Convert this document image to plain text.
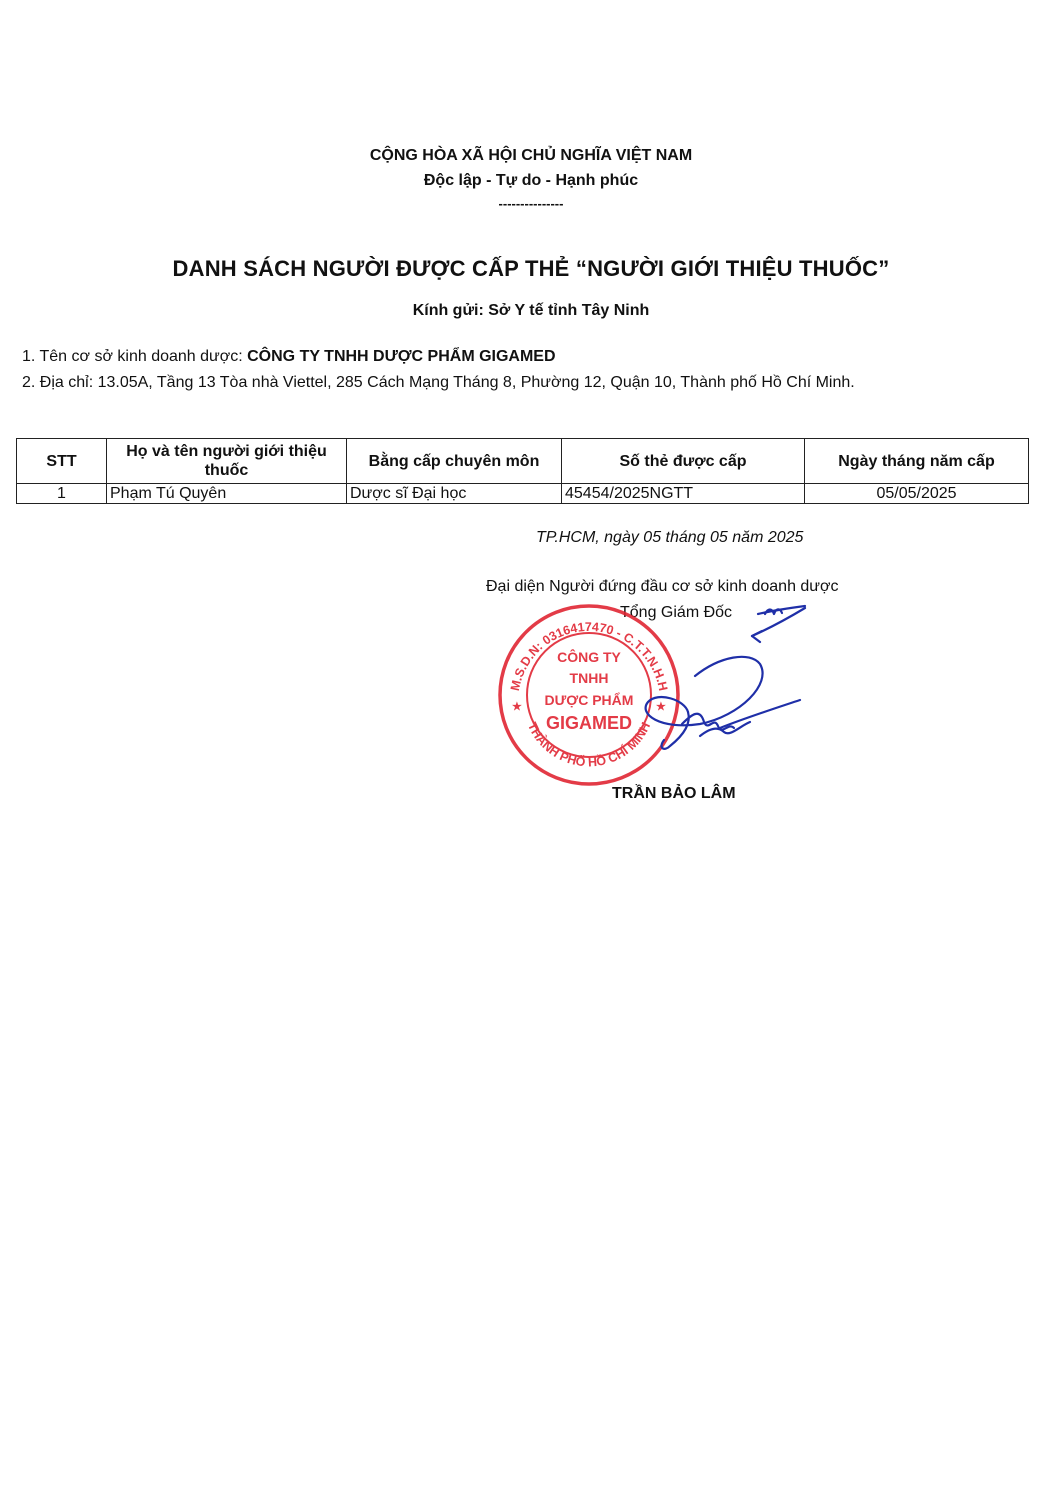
CỘNG HÒA XÃ HỘI CHỦ NGHĨA VIỆT NAM
Độc lập - Tự do - Hạnh phúc
---------------
DANH SÁCH NGƯỜI ĐƯỢC CẤP THẺ “NGƯỜI GIỚI THIỆU THUỐC”
Kính gửi: Sở Y tế tỉnh Tây Ninh
1. Tên cơ sở kinh doanh dược: CÔNG TY TNHH DƯỢC PHẨM GIGAMED
2. Địa chỉ: 13.05A, Tầng 13 Tòa nhà Viettel, 285 Cách Mạng Tháng 8, Phường 12, Quận 10, Thành phố Hồ Chí Minh.
STT	Họ và tên người giới thiệu thuốc	Bằng cấp chuyên môn	Số thẻ được cấp	Ngày tháng năm cấp
1	Phạm Tú Quyên	Dược sĩ Đại học	45454/2025NGTT	05/05/2025
TP.HCM, ngày 05 tháng 05 năm 2025
Đại diện Người đứng đầu cơ sở kinh doanh dược
Tổng Giám Đốc
M.S.D.N: 0316417470 - C.T.T.N.H.H
THÀNH PHỐ HỒ CHÍ MINH
★	★
CÔNG TY
TNHH
DƯỢC PHẨM
GIGAMED
TRẦN BẢO LÂM
